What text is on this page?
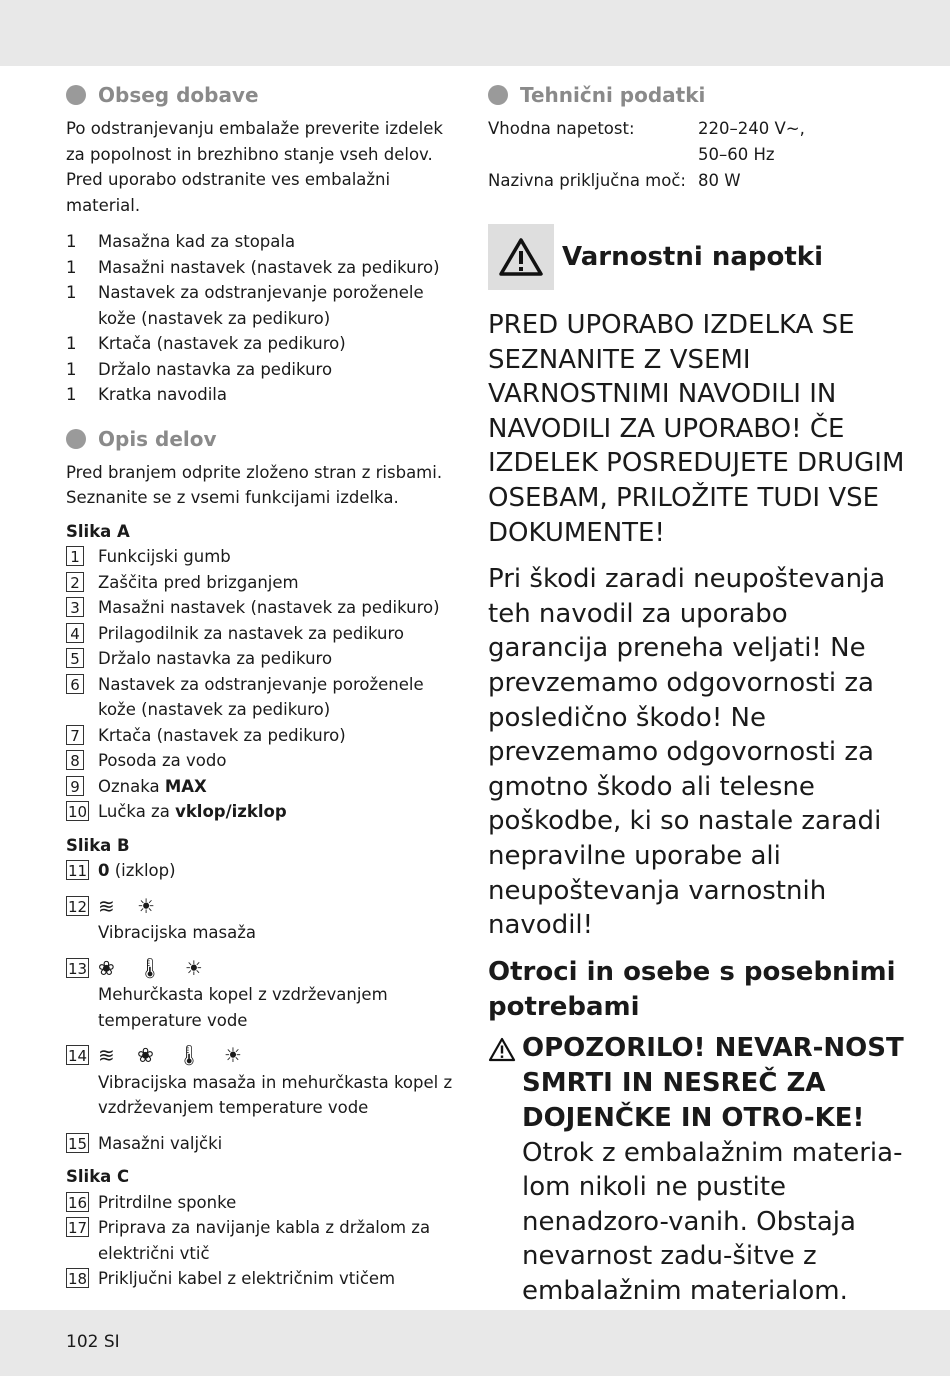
Obseg dobave

Po odstranjevanju embalaže preverite izdelek za popolnost in brezhibno stanje vseh delov. Pred uporabo odstranite ves embalažni material.

1	Masažna kad za stopala
1	Masažni nastavek (nastavek za pedikuro)
1	Nastavek za odstranjevanje poroženele kože (nastavek za pedikuro)
1	Krtača (nastavek za pedikuro)
1	Držalo nastavka za pedikuro
1	Kratka navodila
Opis delov

Pred branjem odprite zloženo stran z risbami. Seznanite se z vsemi funkcijami izdelka.

Slika A
1	Funkcijski gumb
2	Zaščita pred brizganjem
3	Masažni nastavek (nastavek za pedikuro)
4	Prilagodilnik za nastavek za pedikuro
5	Držalo nastavka za pedikuro
6	Nastavek za odstranjevanje poroženele kože (nastavek za pedikuro)
7	Krtača (nastavek za pedikuro)
8	Posoda za vodo
9	Oznaka MAX
10 Lučka za vklop/izklop
Slika B
11 0 (izklop)
12 ≋ ☀
Vibracijska masaža
13 ❀ 🌡 ☀
Mehurčkasta kopel z vzdrževanjem temperature vode
14 ≋ ❀ 🌡 ☀
Vibracijska masaža in mehurčkasta kopel z vzdrževanjem temperature vode
15 Masažni valjčki
Slika C
16 Pritrdilne sponke
17 Priprava za navijanje kabla z držalom za električni vtič
18 Priključni kabel z električnim vtičem
Tehnični podatki
Vhodna napetost:	220–240 V~,
50–60 Hz
Nazivna priključna moč:	80 W
Varnostni napotki

PRED UPORABO IZDELKA SE SEZNANITE Z VSEMI VARNOSTNIMI NAVODILI IN NAVODILI ZA UPORABO! ČE IZDELEK POSREDUJETE DRUGIM OSEBAM, PRILOŽITE TUDI VSE DOKUMENTE!

Pri škodi zaradi neupoštevanja teh navodil za uporabo garancija preneha veljati! Ne prevzemamo odgovornosti za posledično škodo! Ne prevzemamo odgovornosti za gmotno škodo ali telesne poškodbe, ki so nastale zaradi nepravilne uporabe ali neupoštevanja varnostnih navodil!

Otroci in osebe s posebnimi potrebami

OPOZORILO! NEVAR-NOST SMRTI IN NESREČ ZA DOJENČKE IN OTRO-KE!
Otrok z embalažnim materia-lom nikoli ne pustite nenadzoro-vanih. Obstaja nevarnost zadu-šitve z embalažnim materialom.
102 SI
